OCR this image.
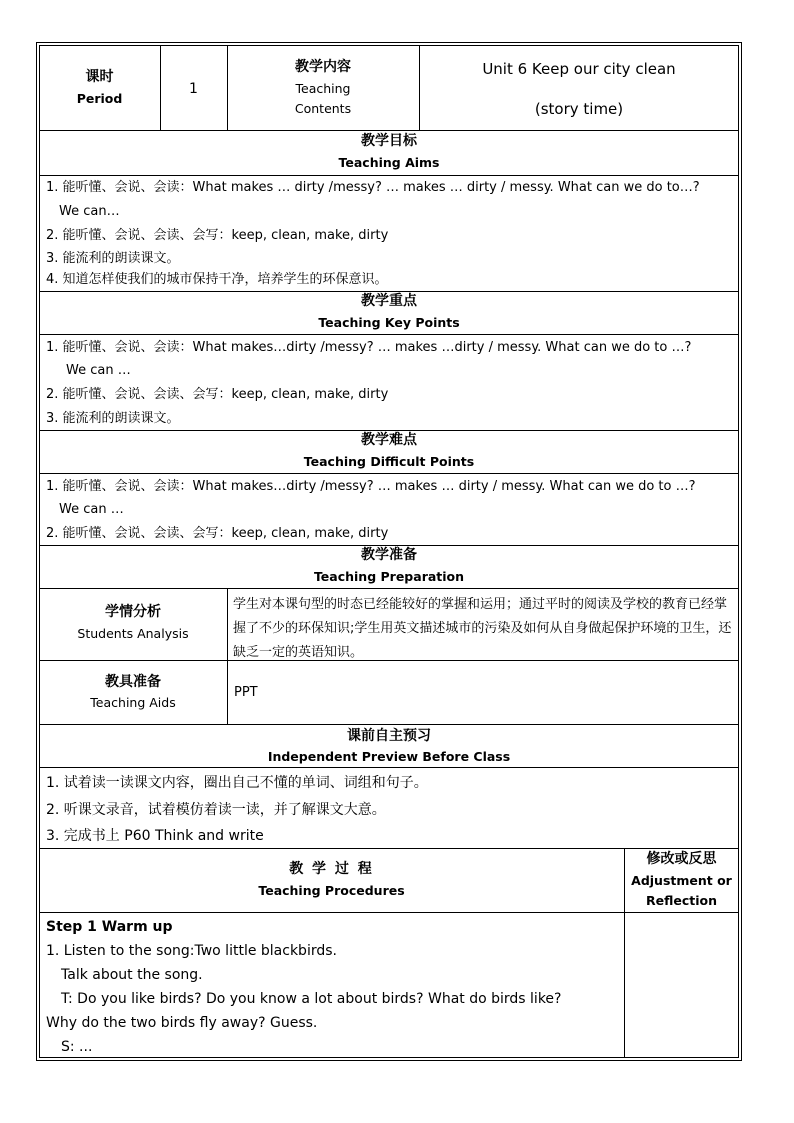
课时
Period
1
教学内容
Teaching
Contents
Unit 6 Keep our city clean
(story time)
教学目标
Teaching Aims
1. 能听懂、会说、会读：What makes … dirty /messy? … makes … dirty / messy. What can we do to…?
We can…
2. 能听懂、会说、会读、会写：keep, clean, make, dirty
3. 能流利的朗读课文。
4. 知道怎样使我们的城市保持干净，培养学生的环保意识。
教学重点
Teaching Key Points
1. 能听懂、会说、会读：What makes…dirty /messy? … makes …dirty / messy. What can we do to …?
We can …
2. 能听懂、会说、会读、会写：keep, clean, make, dirty
3. 能流利的朗读课文。
教学难点
Teaching Difficult Points
1. 能听懂、会说、会读：What makes…dirty /messy? … makes … dirty / messy. What can we do to …?
We can …
2. 能听懂、会说、会读、会写：keep, clean, make, dirty
教学准备
Teaching Preparation
学情分析
Students Analysis
学生对本课句型的时态已经能较好的掌握和运用；通过平时的阅读及学校的教育已经掌握了不少的环保知识;学生用英文描述城市的污染及如何从自身做起保护环境的卫生，还缺乏一定的英语知识。
教具准备
Teaching Aids
PPT
课前自主预习
Independent Preview Before Class
1. 试着读一读课文内容，圈出自己不懂的单词、词组和句子。
2. 听课文录音，试着模仿着读一读，并了解课文大意。
3. 完成书上 P60 Think and write
教 学 过 程
Teaching Procedures
修改或反思
Adjustment or
Reflection
Step 1 Warm up
1. Listen to the song:Two little blackbirds.
Talk about the song.
T: Do you like birds? Do you know a lot about birds? What do birds like?
Why do the two birds fly away? Guess.
S: ...
